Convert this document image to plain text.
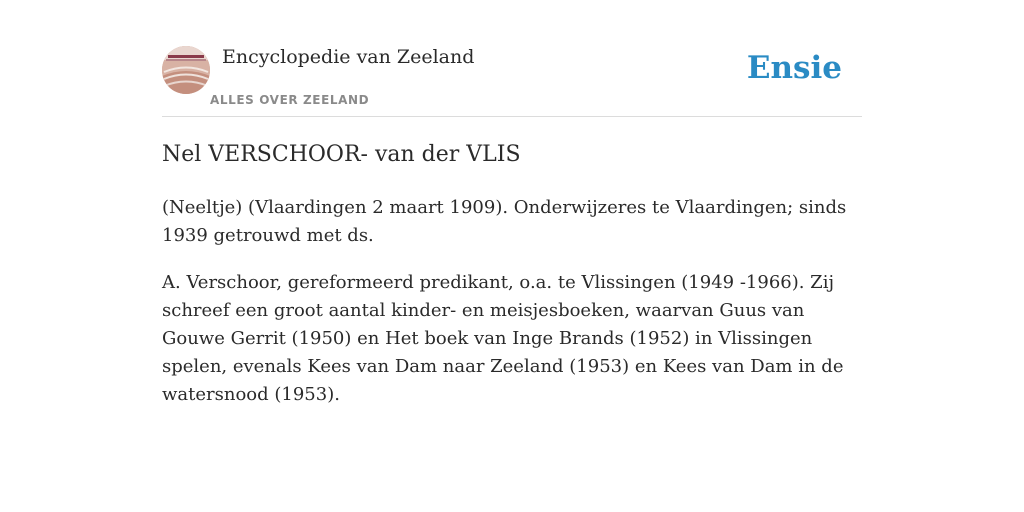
Encyclopedie van Zeeland
ALLES OVER ZEELAND
Ensie
Nel VERSCHOOR- van der VLIS

(Neeltje) (Vlaardingen 2 maart 1909). Onderwijzeres te Vlaardingen; sinds 1939 getrouwd met ds.

A. Verschoor, gereformeerd predikant, o.a. te Vlissingen (1949 -1966). Zij schreef een groot aantal kinder- en meisjesboeken, waarvan Guus van Gouwe Gerrit (1950) en Het boek van Inge Brands (1952) in Vlissingen spelen, evenals Kees van Dam naar Zeeland (1953) en Kees van Dam in de watersnood (1953).
